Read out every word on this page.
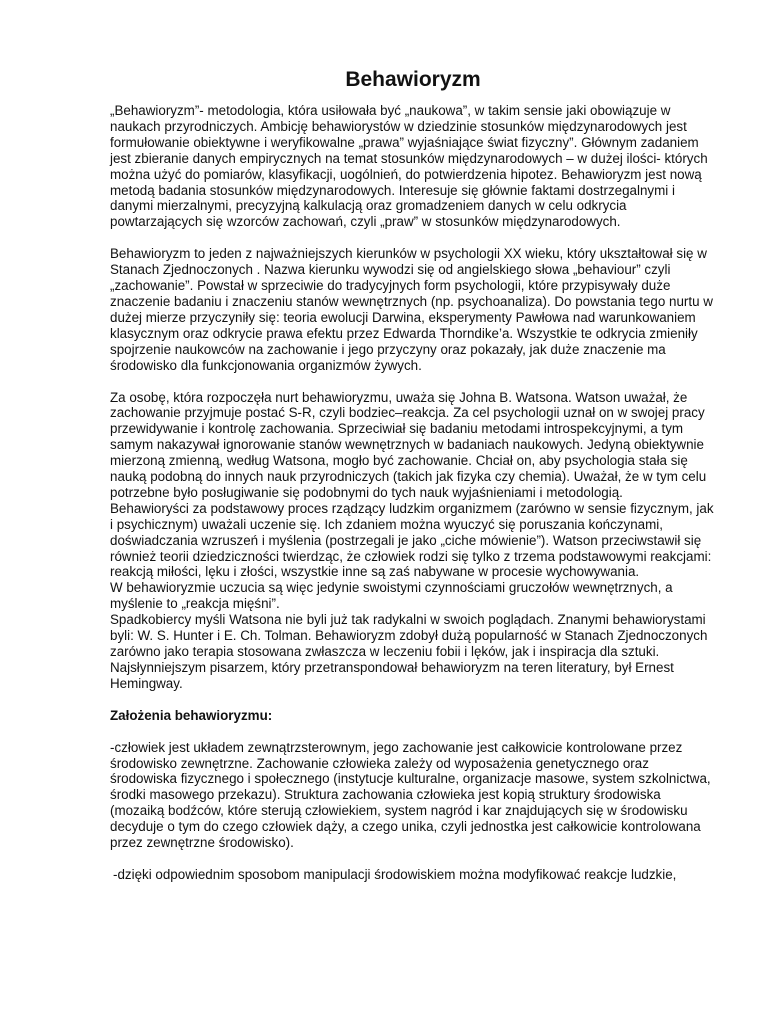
Behawioryzm

„Behawioryzm”- metodologia, która usiłowała być „naukowa”, w takim sensie jaki obowiązuje w naukach przyrodniczych. Ambicję behawiorystów w dziedzinie stosunków międzynarodowych jest formułowanie obiektywne i weryfikowalne „prawa” wyjaśniające świat fizyczny”. Głównym zadaniem jest zbieranie danych empirycznych na temat stosunków międzynarodowych – w dużej ilości- których można użyć do pomiarów, klasyfikacji, uogólnień, do potwierdzenia hipotez. Behawioryzm jest nową metodą badania stosunków międzynarodowych. Interesuje się głównie faktami dostrzegalnymi i danymi mierzalnymi, precyzyjną kalkulacją oraz gromadzeniem danych w celu odkrycia powtarzających się wzorców zachowań, czyli „praw” w stosunków międzynarodowych.

Behawioryzm to jeden z najważniejszych kierunków w psychologii XX wieku, który ukształtował się w Stanach Zjednoczonych . Nazwa kierunku wywodzi się od angielskiego słowa „behaviour” czyli „zachowanie”. Powstał w sprzeciwie do tradycyjnych form psychologii, które przypisywały duże znaczenie badaniu i znaczeniu stanów wewnętrznych (np. psychoanaliza). Do powstania tego nurtu w dużej mierze przyczyniły się: teoria ewolucji Darwina, eksperymenty Pawłowa nad warunkowaniem klasycznym oraz odkrycie prawa efektu przez Edwarda Thorndike’a. Wszystkie te odkrycia zmieniły spojrzenie naukowców na zachowanie i jego przyczyny oraz pokazały, jak duże znaczenie ma środowisko dla funkcjonowania organizmów żywych.

Za osobę, która rozpoczęła nurt behawioryzmu, uważa się Johna B. Watsona. Watson uważał, że zachowanie przyjmuje postać S-R, czyli bodziec–reakcja. Za cel psychologii uznał on w swojej pracy przewidywanie i kontrolę zachowania. Sprzeciwiał się badaniu metodami introspekcyjnymi, a tym samym nakazywał ignorowanie stanów wewnętrznych w badaniach naukowych. Jedyną obiektywnie mierzoną zmienną, według Watsona, mogło być zachowanie. Chciał on, aby psychologia stała się nauką podobną do innych nauk przyrodniczych (takich jak fizyka czy chemia). Uważał, że w tym celu potrzebne było posługiwanie się podobnymi do tych nauk wyjaśnieniami i metodologią.

Behawioryści za podstawowy proces rządzący ludzkim organizmem (zarówno w sensie fizycznym, jak i psychicznym) uważali uczenie się. Ich zdaniem można wyuczyć się poruszania kończynami, doświadczania wzruszeń i myślenia (postrzegali je jako „ciche mówienie”). Watson przeciwstawił się również teorii dziedziczności twierdząc, że człowiek rodzi się tylko z trzema podstawowymi reakcjami: reakcją miłości, lęku i złości, wszystkie inne są zaś nabywane w procesie wychowywania.

W behawioryzmie uczucia są więc jedynie swoistymi czynnościami gruczołów wewnętrznych, a myślenie to „reakcja mięśni”.

Spadkobiercy myśli Watsona nie byli już tak radykalni w swoich poglądach. Znanymi behawiorystami byli: W. S. Hunter i E. Ch. Tolman. Behawioryzm zdobył dużą popularność w Stanach Zjednoczonych zarówno jako terapia stosowana zwłaszcza w leczeniu fobii i lęków, jak i inspiracja dla sztuki. Najsłynniejszym pisarzem, który przetranspondował behawioryzm na teren literatury, był Ernest Hemingway.

Założenia behawioryzmu:

-człowiek jest układem zewnątrzsterownym, jego zachowanie jest całkowicie kontrolowane przez środowisko zewnętrzne. Zachowanie człowieka zależy od wyposażenia genetycznego oraz środowiska fizycznego i społecznego (instytucje kulturalne, organizacje masowe, system szkolnictwa, środki masowego przekazu). Struktura zachowania człowieka jest kopią struktury środowiska (mozaiką bodźców, które sterują człowiekiem, system nagród i kar znajdujących się w środowisku decyduje o tym do czego człowiek dąży, a czego unika, czyli jednostka jest całkowicie kontrolowana przez zewnętrzne środowisko).

-dzięki odpowiednim sposobom manipulacji środowiskiem można modyfikować reakcje ludzkie,
